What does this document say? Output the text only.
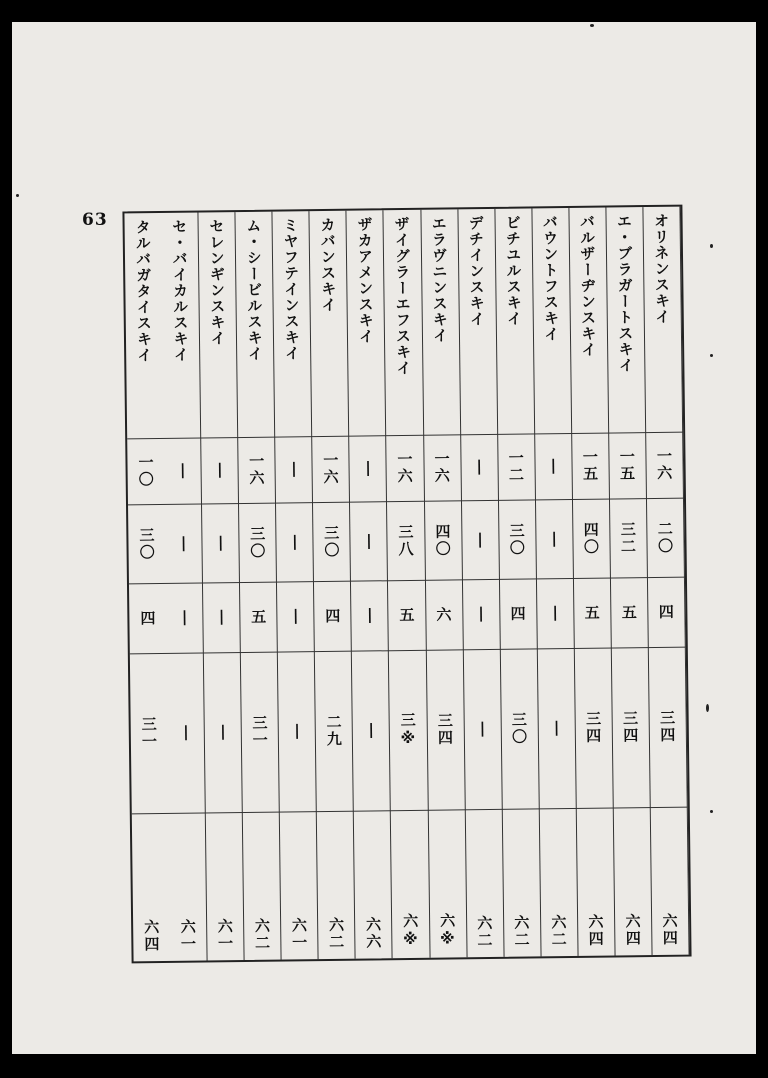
63	オリネンスキイ
一六
二〇
四
三四
六四
エ・ブラガートスキイ
一五
三二
五
三四
六四
バルザーヂンスキイ
一五
四〇
五
三四
六四
バウントフスキイ
|
|
|
|
六二
ビチユルスキイ
一二
三〇
四
三〇
六二
デチインスキイ
|
|
|
|
六二
エラヴニンスキイ
一六
四〇
六
三四
六※
ザイグラーエフスキイ
一六
三八
五
三※
六※
ザカアメンスキイ
|
|
|
|
六六
カバンスキイ
一六
三〇
四
二九
六二
ミヤフテインスキイ
|
|
|
|
六一
ム・シービルスキイ
一六
三〇
五
三一
六二
セレンギンスキイ
|
|
|
|
六一
セ・バイカルスキイ
|
|
|
|
六一
タルバガタイスキイ
一〇
三〇
四
三一
六四
